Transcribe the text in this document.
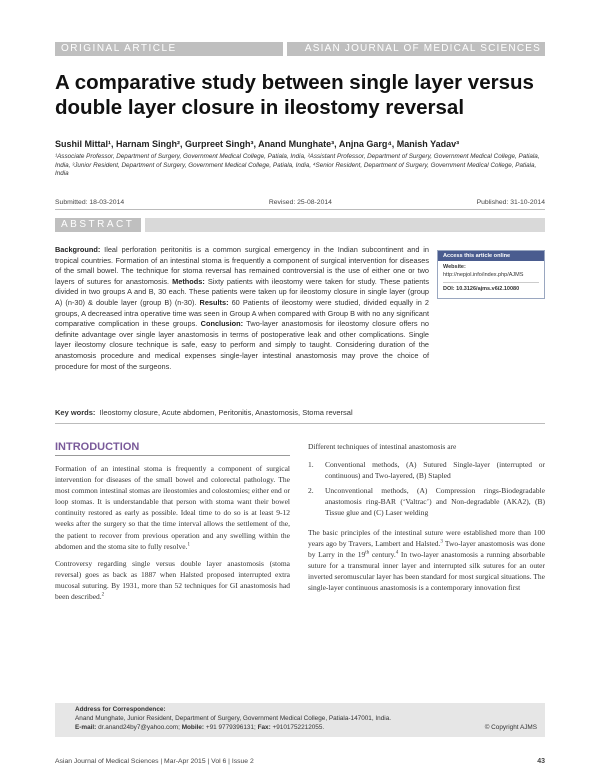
ORIGINAL ARTICLE	ASIAN JOURNAL OF MEDICAL SCIENCES
A comparative study between single layer versus double layer closure in ileostomy reversal
Sushil Mittal¹, Harnam Singh², Gurpreet Singh³, Anand Munghate³, Anjna Garg⁴, Manish Yadav³
¹Associate Professor, Department of Surgery, Government Medical College, Patiala, India, ²Assistant Professor, Department of Surgery, Government Medical College, Patiala, India, ³Junior Resident, Department of Surgery, Government Medical College, Patiala, India, ⁴Senior Resident, Department of Surgery, Government Medical College, Patiala, India
Submitted: 18-03-2014	Revised: 25-08-2014	Published: 31-10-2014
ABSTRACT
Background: Ileal perforation peritonitis is a common surgical emergency in the Indian subcontinent and in tropical countries. Formation of an intestinal stoma is frequently a component of surgical intervention for diseases of the small bowel. The technique for stoma reversal has remained controversial is the use of either one or two layers of sutures for anastomosis. Methods: Sixty patients with ileostomy were taken for study. These patients divided in two groups A and B, 30 each. These patients were taken up for ileostomy closure in single layer (group A) (n-30) & double layer (group B) (n-30). Results: 60 Patients of ileostomy were studied, divided equally in 2 groups, A decreased intra operative time was seen in Group A when compared with Group B with no any significant comparative complication in these groups. Conclusion: Two-layer anastomosis for ileostomy closure offers no definite advantage over single layer anastomosis in terms of postoperative leak and other complications. Single layer ileostomy closure technique is safe, easy to perform and simply to taught. Considering duration of the anastomosis procedure and medical expenses single-layer intestinal anastomosis may prove the choice of procedure for most of the surgeons.
Access this article online
Website:
http://nepjol.info/index.php/AJMS
DOI: 10.3126/ajms.v6i2.10080
Key words: Ileostomy closure, Acute abdomen, Peritonitis, Anastomosis, Stoma reversal
INTRODUCTION

Formation of an intestinal stoma is frequently a component of surgical intervention for diseases of the small bowel and colorectal pathology. The most common intestinal stomas are ileostomies and colostomies; either end or loop stomas. It is understandable that person with stoma want their bowel continuity restored as early as possible. Ideal time to do so is at least 9-12 weeks after the surgery so that the time interval allows the settlement of the, the patient to recover from previous operation and any swelling within the abdomen and the stoma site to fully resolve.$^1$

Controversy regarding single versus double layer anastomosis (stoma reversal) goes as back as 1887 when Halsted proposed interrupted extra mucosal suturing. By 1931, more than 52 techniques for GI anastomosis had been described.$^2$

Different techniques of intestinal anastomosis are

1.	Conventional methods, (A) Sutured Single-layer (interrupted or continuous) and Two-layered, (B) Stapled
2.	Unconventional methods, (A) Compression rings-Biodegradable anastomosis ring-BAR (‘Valtrac’) and Non-degradable (AKA2), (B) Tissue glue and (C) Laser welding

The basic principles of the intestinal suture were established more than 100 years ago by Travers, Lambert and Halsted.$^3$ Two-layer anastomosis was done by Larry in the 19th century.$^4$ In two-layer anastomosis a running absorbable suture for a transmural inner layer and interrupted silk sutures for an outer inverted seromuscular layer has been standard for most surgical situations. The single-layer continuous anastomosis is a contemporary innovation first

Address for Correspondence:
Anand Munghate, Junior Resident, Department of Surgery, Government Medical College, Patiala-147001, India.
E-mail: dr.anand24by7@yahoo.com; Mobile: +91 9779396131; Fax: +9101752212055.	© Copyright AJMS
Asian Journal of Medical Sciences | Mar-Apr 2015 | Vol 6 | Issue 2	43
